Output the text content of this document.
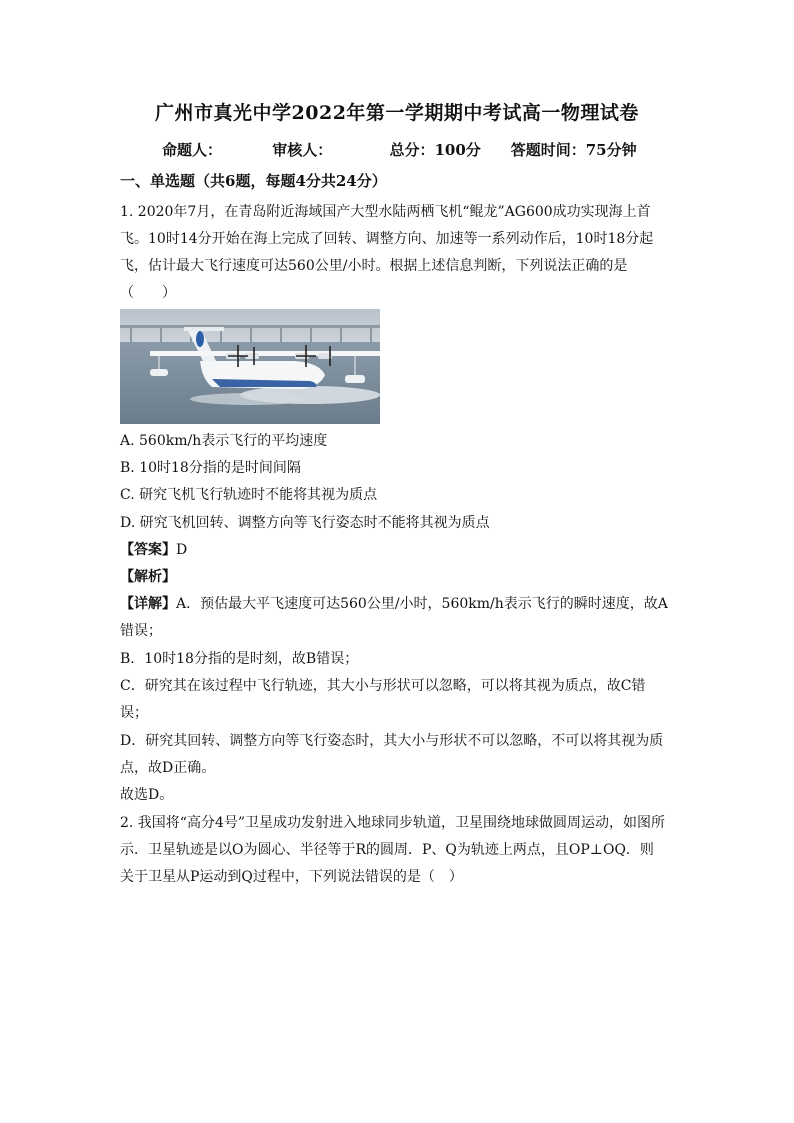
广州市真光中学2022年第一学期期中考试高一物理试卷
命题人：	审核人：	总分：100分 答题时间：75分钟
一、单选题（共6题，每题4分共24分）

1. 2020年7月，在青岛附近海域国产大型水陆两栖飞机“鲲龙”AG600成功实现海上首

飞。10时14分开始在海上完成了回转、调整方向、加速等一系列动作后，10时18分起

飞，估计最大飞行速度可达560公里/小时。根据上述信息判断，下列说法正确的是

（　　）

A. 560km/h表示飞行的平均速度

B. 10时18分指的是时间间隔

C. 研究飞机飞行轨迹时不能将其视为质点

D. 研究飞机回转、调整方向等飞行姿态时不能将其视为质点

【答案】D

【解析】

【详解】A．预估最大平飞速度可达560公里/小时，560km/h表示飞行的瞬时速度，故A

错误；

B．10时18分指的是时刻，故B错误；

C．研究其在该过程中飞行轨迹，其大小与形状可以忽略，可以将其视为质点，故C错

误；

D．研究其回转、调整方向等飞行姿态时，其大小与形状不可以忽略，不可以将其视为质

点，故D正确。

故选D。

2. 我国将“高分4号”卫星成功发射进入地球同步轨道，卫星围绕地球做圆周运动，如图所

示．卫星轨迹是以O为圆心、半径等于R的圆周．P、Q为轨迹上两点，且OP⊥OQ．则

关于卫星从P运动到Q过程中，下列说法错误的是（　）
